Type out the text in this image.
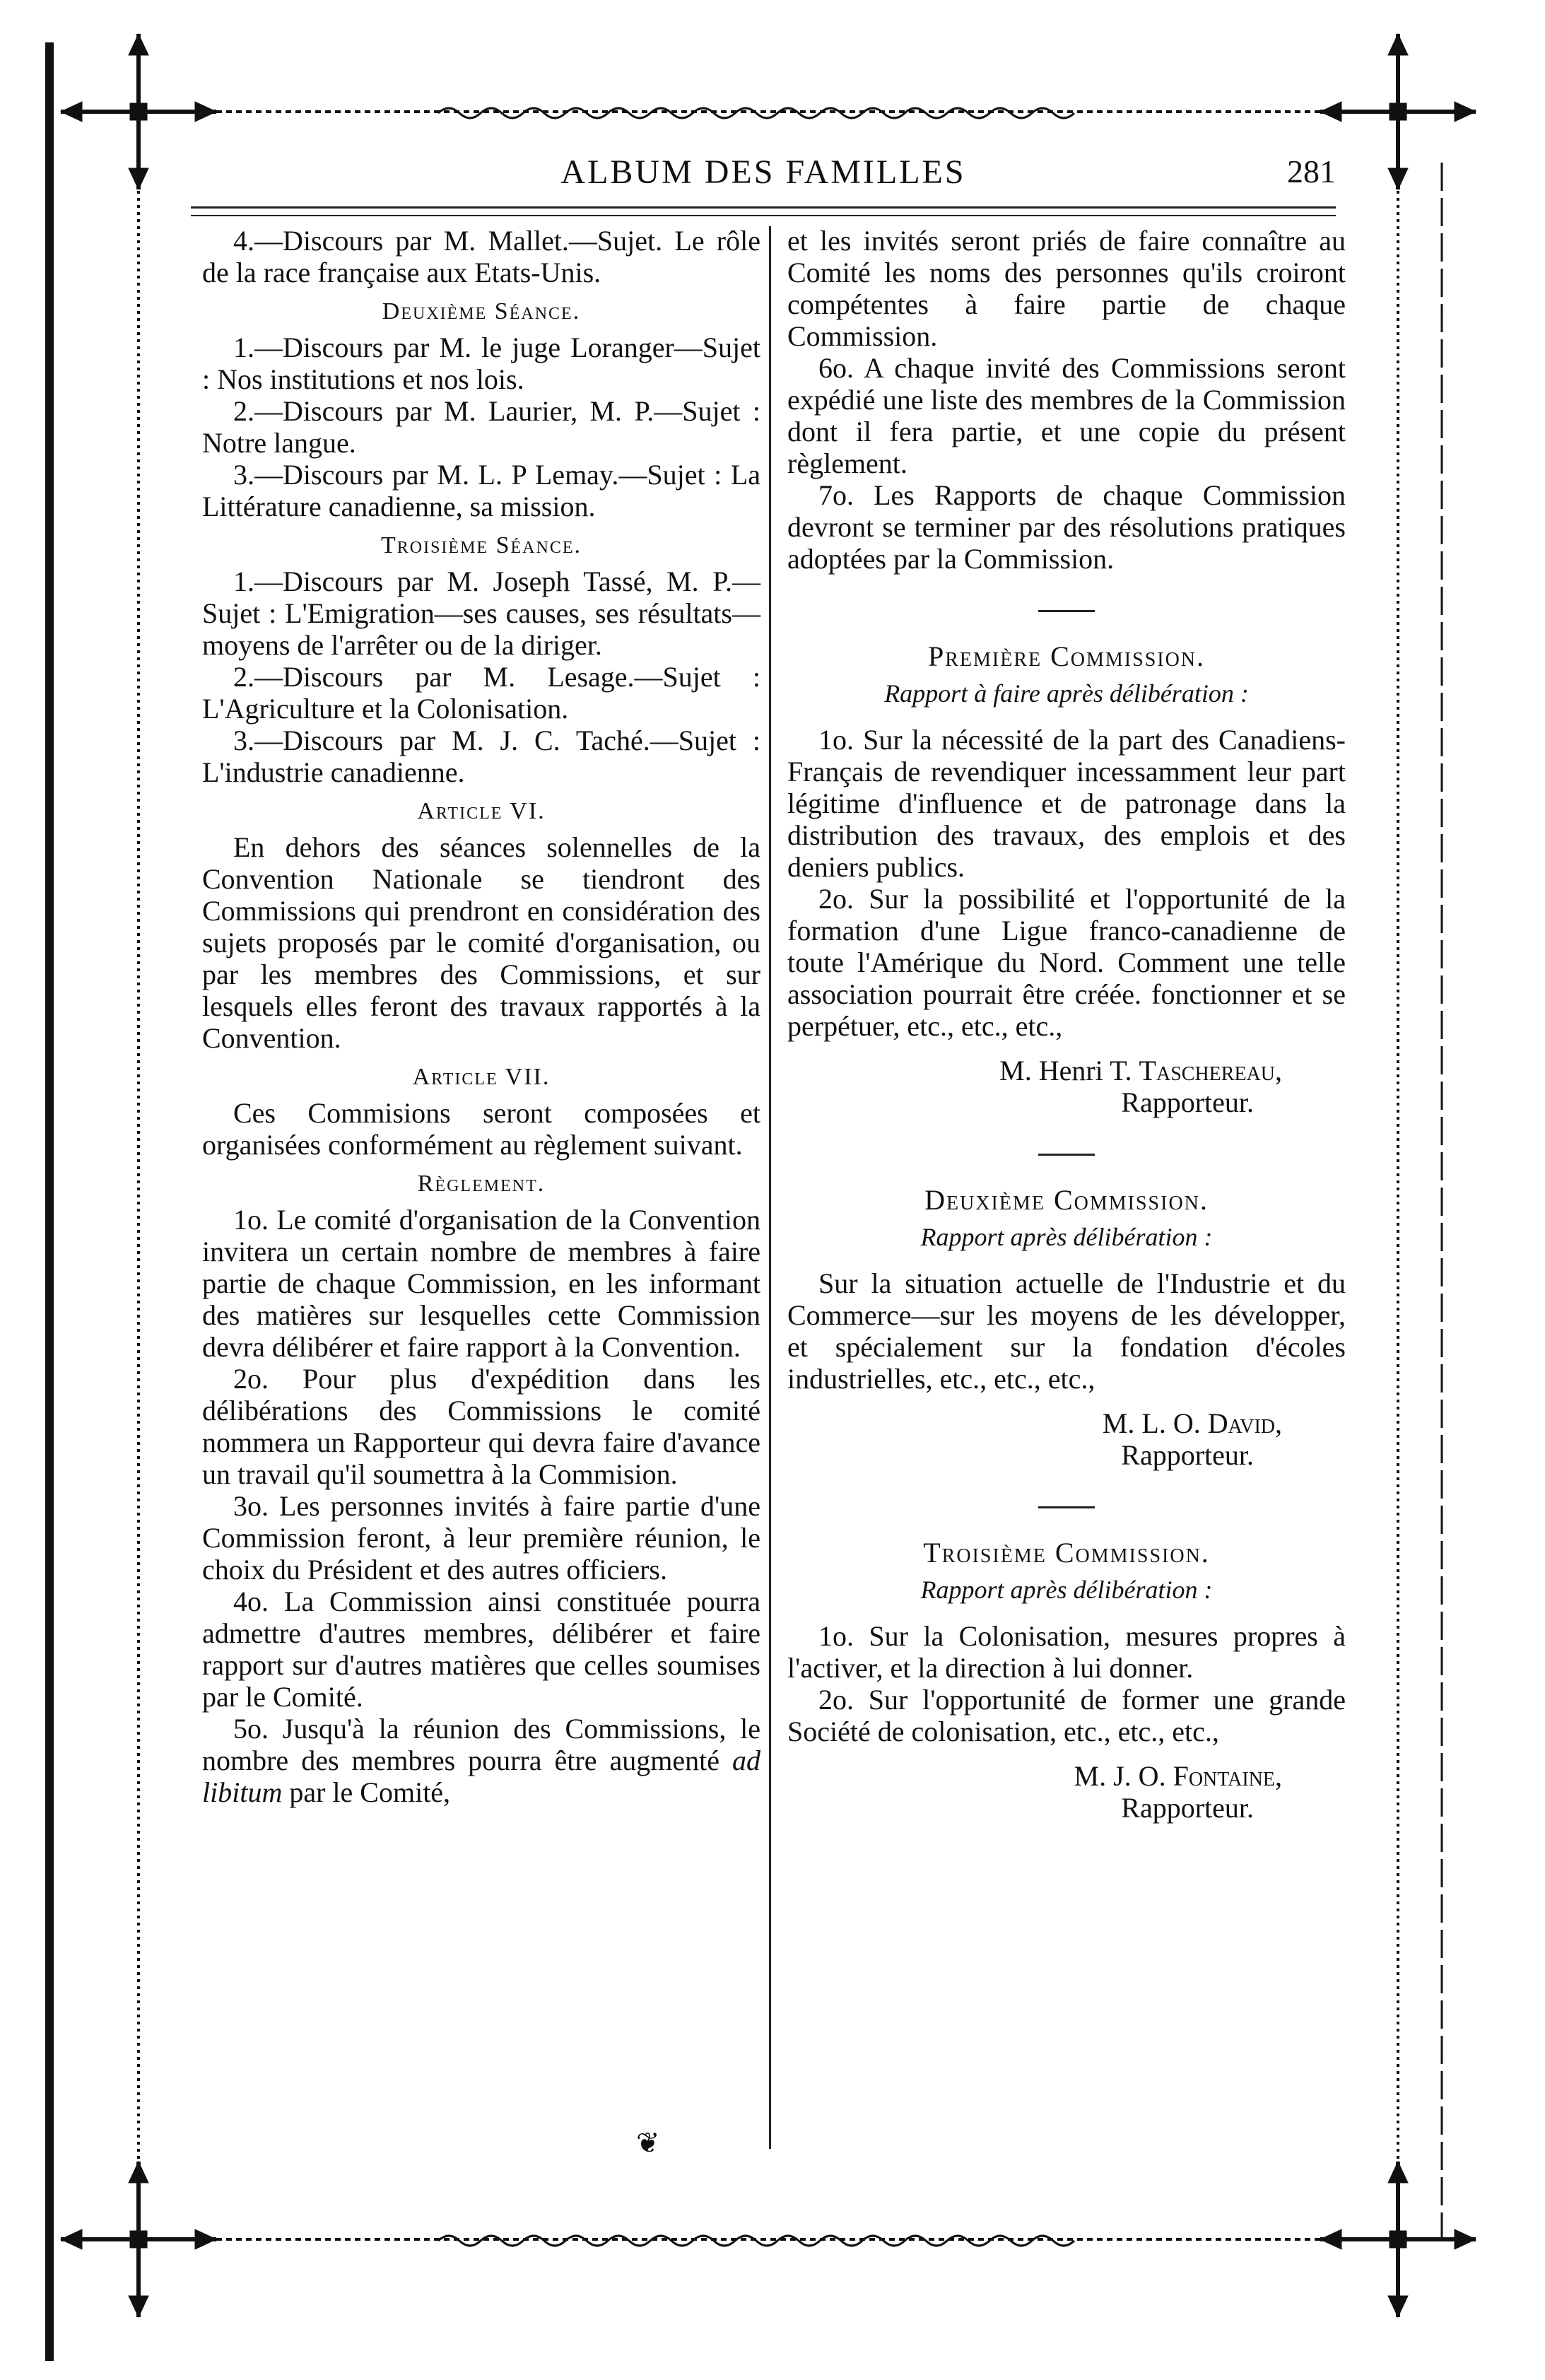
ALBUM DES FAMILLES	281

4.—Discours par M. Mallet.—Sujet. Le rôle de la race française aux Etats-Unis.

Deuxième Séance.

1.—Discours par M. le juge Loranger—Sujet : Nos institutions et nos lois.

2.—Discours par M. Laurier, M. P.—Sujet : Notre langue.

3.—Discours par M. L. P Lemay.—Sujet : La Littérature canadienne, sa mission.

Troisième Séance.

1.—Discours par M. Joseph Tassé, M. P.— Sujet : L'Emigration—ses causes, ses résultats—moyens de l'arrêter ou de la diriger.

2.—Discours par M. Lesage.—Sujet : L'Agriculture et la Colonisation.

3.—Discours par M. J. C. Taché.—Sujet : L'industrie canadienne.

Article VI.

En dehors des séances solennelles de la Convention Nationale se tiendront des Commissions qui prendront en considération des sujets proposés par le comité d'organisation, ou par les membres des Commissions, et sur lesquels elles feront des travaux rapportés à la Convention.

Article VII.

Ces Commisions seront composées et organisées conformément au règlement suivant.

Règlement.

1o. Le comité d'organisation de la Convention invitera un certain nombre de membres à faire partie de chaque Commission, en les informant des matières sur lesquelles cette Commission devra délibérer et faire rapport à la Convention.

2o. Pour plus d'expédition dans les délibérations des Commissions le comité nommera un Rapporteur qui devra faire d'avance un travail qu'il soumettra à la Commision.

3o. Les personnes invités à faire partie d'une Commission feront, à leur première réunion, le choix du Président et des autres officiers.

4o. La Commission ainsi constituée pourra admettre d'autres membres, délibérer et faire rapport sur d'autres matières que celles soumises par le Comité.

5o. Jusqu'à la réunion des Commissions, le nombre des membres pourra être augmenté ad libitum par le Comité,

et les invités seront priés de faire connaître au Comité les noms des personnes qu'ils croiront compétentes à faire partie de chaque Commission.

6o. A chaque invité des Commissions seront expédié une liste des membres de la Commission dont il fera partie, et une copie du présent règlement.

7o. Les Rapports de chaque Commission devront se terminer par des résolutions pratiques adoptées par la Commission.

Première Commission.

Rapport à faire après délibération :

1o. Sur la nécessité de la part des Canadiens-Français de revendiquer incessamment leur part légitime d'influence et de patronage dans la distribution des travaux, des emplois et des deniers publics.

2o. Sur la possibilité et l'opportunité de la formation d'une Ligue franco-canadienne de toute l'Amérique du Nord. Comment une telle association pourrait être créée. fonctionner et se perpétuer, etc., etc., etc.,

M. Henri T. Taschereau,

Rapporteur.

Deuxième Commission.

Rapport après délibération :

Sur la situation actuelle de l'Industrie et du Commerce—sur les moyens de les développer, et spécialement sur la fondation d'écoles industrielles, etc., etc., etc.,

M. L. O. David,

Rapporteur.

Troisième Commission.

Rapport après délibération :

1o. Sur la Colonisation, mesures propres à l'activer, et la direction à lui donner.

2o. Sur l'opportunité de former une grande Société de colonisation, etc., etc., etc.,

M. J. O. Fontaine,

Rapporteur.

❦
